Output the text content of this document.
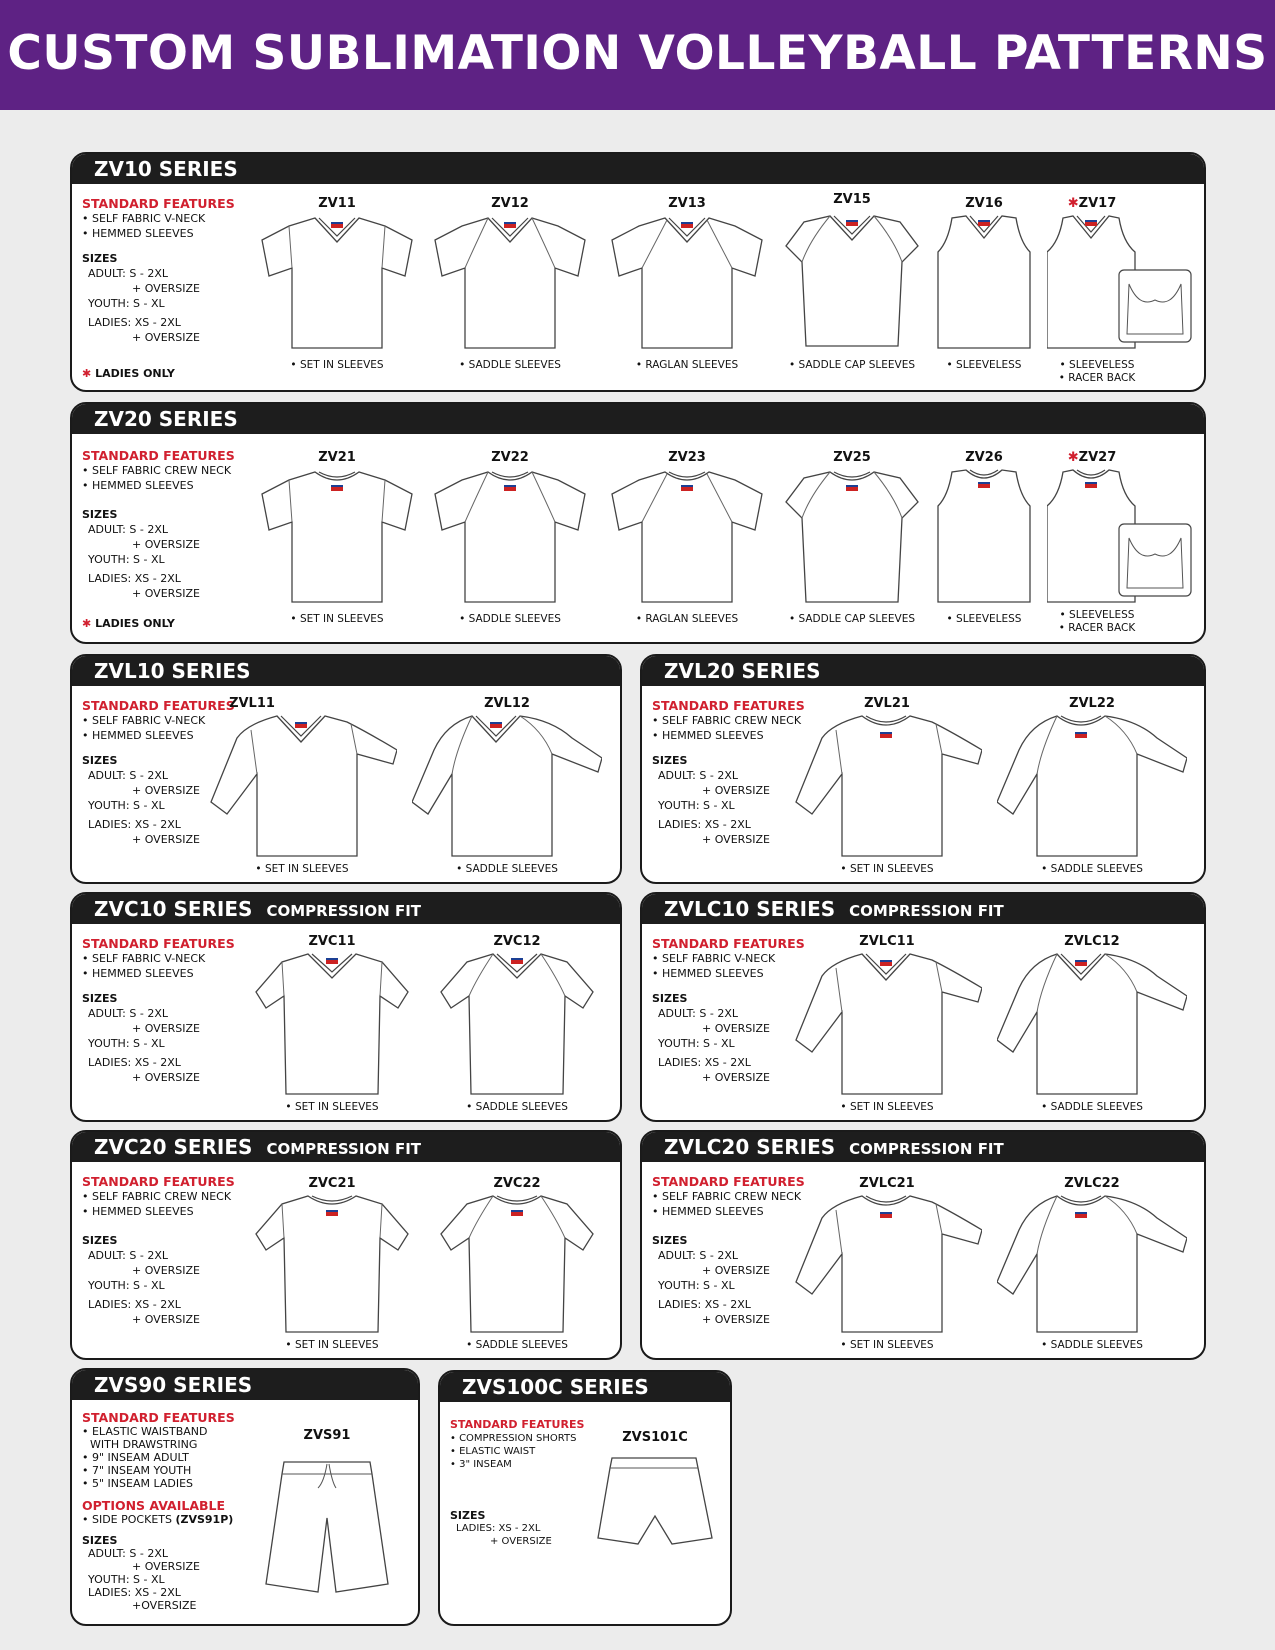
CUSTOM SUBLIMATION VOLLEYBALL PATTERNS
ZV10 SERIES
STANDARD FEATURES
• SELF FABRIC V-NECK
• HEMMED SLEEVES
SIZES
ADULT: S - 2XL
+ OVERSIZE
YOUTH: S - XL
LADIES: XS - 2XL
+ OVERSIZE
✱ LADIES ONLY
ZV11
• SET IN SLEEVES
ZV12
• SADDLE SLEEVES
ZV13
• RAGLAN SLEEVES
ZV15
• SADDLE CAP SLEEVES
ZV16
• SLEEVELESS
✱ZV17
• SLEEVELESS
• RACER BACK
ZV20 SERIES
STANDARD FEATURES
• SELF FABRIC CREW NECK
• HEMMED SLEEVES
SIZES
ADULT: S - 2XL
+ OVERSIZE
YOUTH: S - XL
LADIES: XS - 2XL
+ OVERSIZE
✱ LADIES ONLY
ZV21
• SET IN SLEEVES
ZV22
• SADDLE SLEEVES
ZV23
• RAGLAN SLEEVES
ZV25
• SADDLE CAP SLEEVES
ZV26
• SLEEVELESS
✱ZV27
• SLEEVELESS
• RACER BACK
ZVL10 SERIES
STANDARD FEATURES
• SELF FABRIC V-NECK
• HEMMED SLEEVES
SIZES
ADULT: S - 2XL
+ OVERSIZE
YOUTH: S - XL
LADIES: XS - 2XL
+ OVERSIZE
ZVL11
• SET IN SLEEVES
ZVL12
• SADDLE SLEEVES
ZVL20 SERIES
STANDARD FEATURES
• SELF FABRIC CREW NECK
• HEMMED SLEEVES
SIZES
ADULT: S - 2XL
+ OVERSIZE
YOUTH: S - XL
LADIES: XS - 2XL
+ OVERSIZE
ZVL21
• SET IN SLEEVES
ZVL22
• SADDLE SLEEVES
ZVC10 SERIES COMPRESSION FIT
STANDARD FEATURES
• SELF FABRIC V-NECK
• HEMMED SLEEVES
SIZES
ADULT: S - 2XL
+ OVERSIZE
YOUTH: S - XL
LADIES: XS - 2XL
+ OVERSIZE
ZVC11
• SET IN SLEEVES
ZVC12
• SADDLE SLEEVES
ZVLC10 SERIES COMPRESSION FIT
STANDARD FEATURES
• SELF FABRIC V-NECK
• HEMMED SLEEVES
SIZES
ADULT: S - 2XL
+ OVERSIZE
YOUTH: S - XL
LADIES: XS - 2XL
+ OVERSIZE
ZVLC11
• SET IN SLEEVES
ZVLC12
• SADDLE SLEEVES
ZVC20 SERIES COMPRESSION FIT
STANDARD FEATURES
• SELF FABRIC CREW NECK
• HEMMED SLEEVES
SIZES
ADULT: S - 2XL
+ OVERSIZE
YOUTH: S - XL
LADIES: XS - 2XL
+ OVERSIZE
ZVC21
• SET IN SLEEVES
ZVC22
• SADDLE SLEEVES
ZVLC20 SERIES COMPRESSION FIT
STANDARD FEATURES
• SELF FABRIC CREW NECK
• HEMMED SLEEVES
SIZES
ADULT: S - 2XL
+ OVERSIZE
YOUTH: S - XL
LADIES: XS - 2XL
+ OVERSIZE
ZVLC21
• SET IN SLEEVES
ZVLC22
• SADDLE SLEEVES
ZVS90 SERIES
STANDARD FEATURES
• ELASTIC WAISTBAND
WITH DRAWSTRING
• 9" INSEAM ADULT
• 7" INSEAM YOUTH
• 5" INSEAM LADIES
OPTIONS AVAILABLE
• SIDE POCKETS (ZVS91P)
SIZES
ADULT: S - 2XL
+ OVERSIZE
YOUTH: S - XL
LADIES: XS - 2XL
+OVERSIZE
ZVS91
ZVS100C SERIES
STANDARD FEATURES
• COMPRESSION SHORTS
• ELASTIC WAIST
• 3" INSEAM
SIZES
LADIES: XS - 2XL
+ OVERSIZE
ZVS101C
